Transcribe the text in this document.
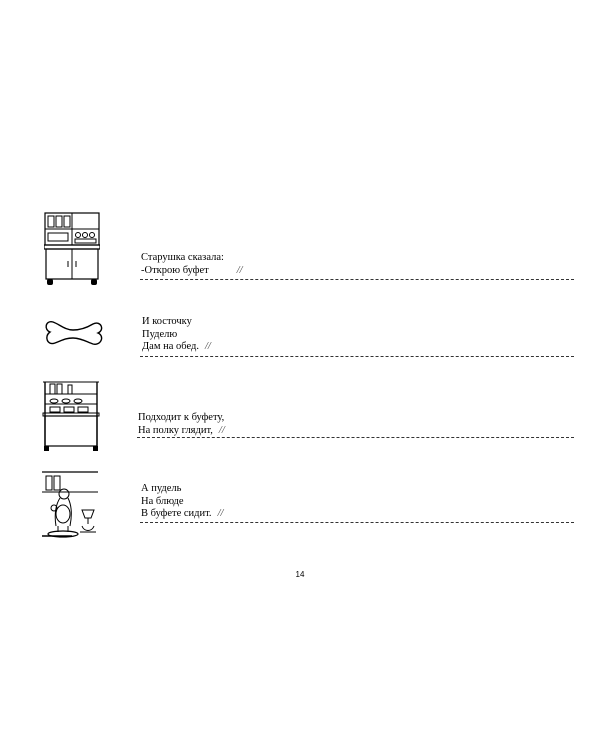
Старушка сказала:
-Открою буфет	//
И косточку
Пуделю
Дам на обед. //
Подходит к буфету,
На полку глядит, //
А пудель
На блюде
В буфете сидит. //
14
